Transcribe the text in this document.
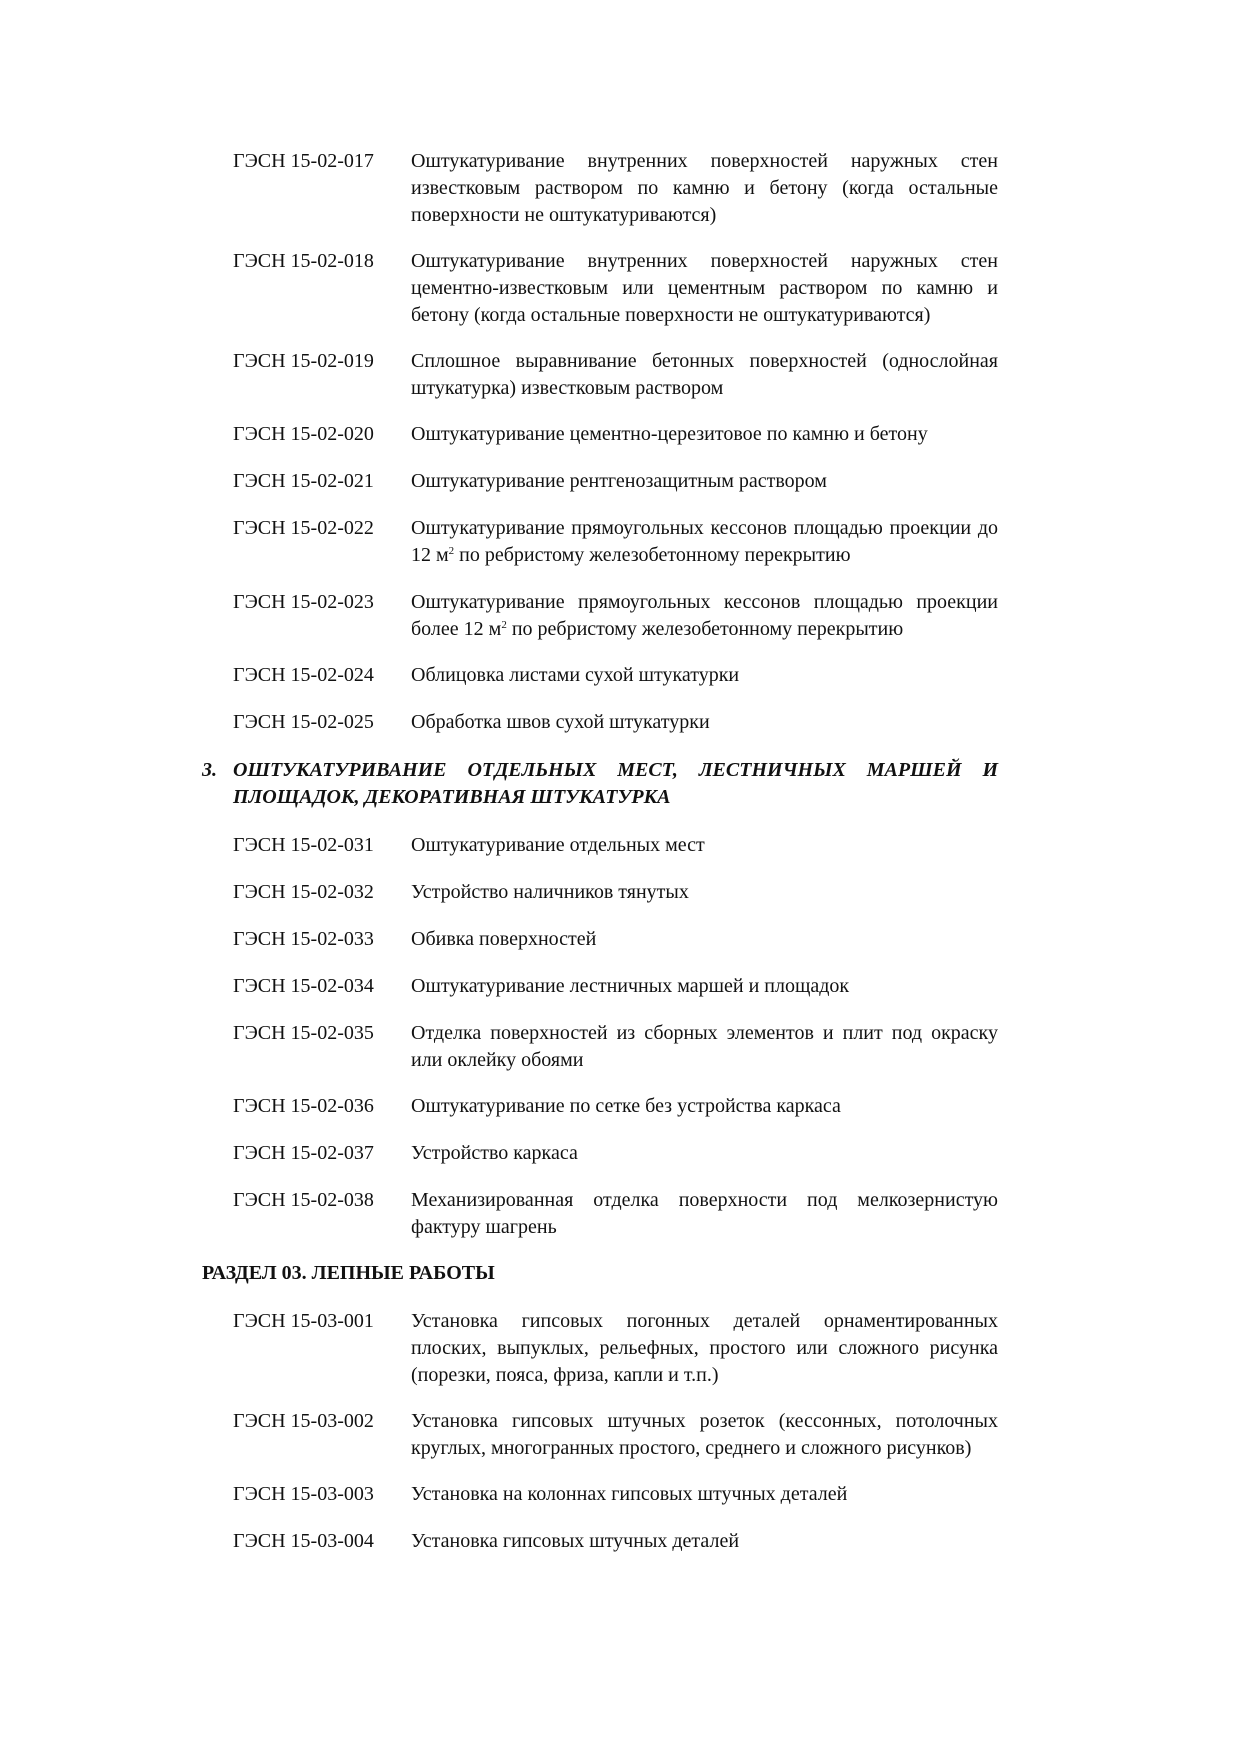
ГЭСН 15-02-017	Оштукатуривание внутренних поверхностей наружных стен известковым раствором по камню и бетону (когда остальные поверхности не оштукатуриваются)
ГЭСН 15-02-018	Оштукатуривание внутренних поверхностей наружных стен цементно-известковым или цементным раствором по камню и бетону (когда остальные поверхности не оштукатуриваются)
ГЭСН 15-02-019	Сплошное выравнивание бетонных поверхностей (однослойная штукатурка) известковым раствором
ГЭСН 15-02-020	Оштукатуривание цементно-церезитовое по камню и бетону
ГЭСН 15-02-021	Оштукатуривание рентгенозащитным раствором
ГЭСН 15-02-022	Оштукатуривание прямоугольных кессонов площадью проекции до 12 $м^2$ по ребристому железобетонному перекрытию
ГЭСН 15-02-023	Оштукатуривание прямоугольных кессонов площадью проекции более 12 $м^2$ по ребристому железобетонному перекрытию
ГЭСН 15-02-024	Облицовка листами сухой штукатурки
ГЭСН 15-02-025	Обработка швов сухой штукатурки
3. ОШТУКАТУРИВАНИЕ ОТДЕЛЬНЫХ МЕСТ, ЛЕСТНИЧНЫХ МАРШЕЙ И ПЛОЩАДОК, ДЕКОРАТИВНАЯ ШТУКАТУРКА
ГЭСН 15-02-031	Оштукатуривание отдельных мест
ГЭСН 15-02-032	Устройство наличников тянутых
ГЭСН 15-02-033	Обивка поверхностей
ГЭСН 15-02-034	Оштукатуривание лестничных маршей и площадок
ГЭСН 15-02-035	Отделка поверхностей из сборных элементов и плит под окраску или оклейку обоями
ГЭСН 15-02-036	Оштукатуривание по сетке без устройства каркаса
ГЭСН 15-02-037	Устройство каркаса
ГЭСН 15-02-038	Механизированная отделка поверхности под мелкозернистую фактуру шагрень
РАЗДЕЛ 03. ЛЕПНЫЕ РАБОТЫ
ГЭСН 15-03-001	Установка гипсовых погонных деталей орнаментированных плоских, выпуклых, рельефных, простого или сложного рисунка (порезки, пояса, фриза, капли и т.п.)
ГЭСН 15-03-002	Установка гипсовых штучных розеток (кессонных, потолочных круглых, многогранных простого, среднего и сложного рисунков)
ГЭСН 15-03-003	Установка на колоннах гипсовых штучных деталей
ГЭСН 15-03-004	Установка гипсовых штучных деталей
